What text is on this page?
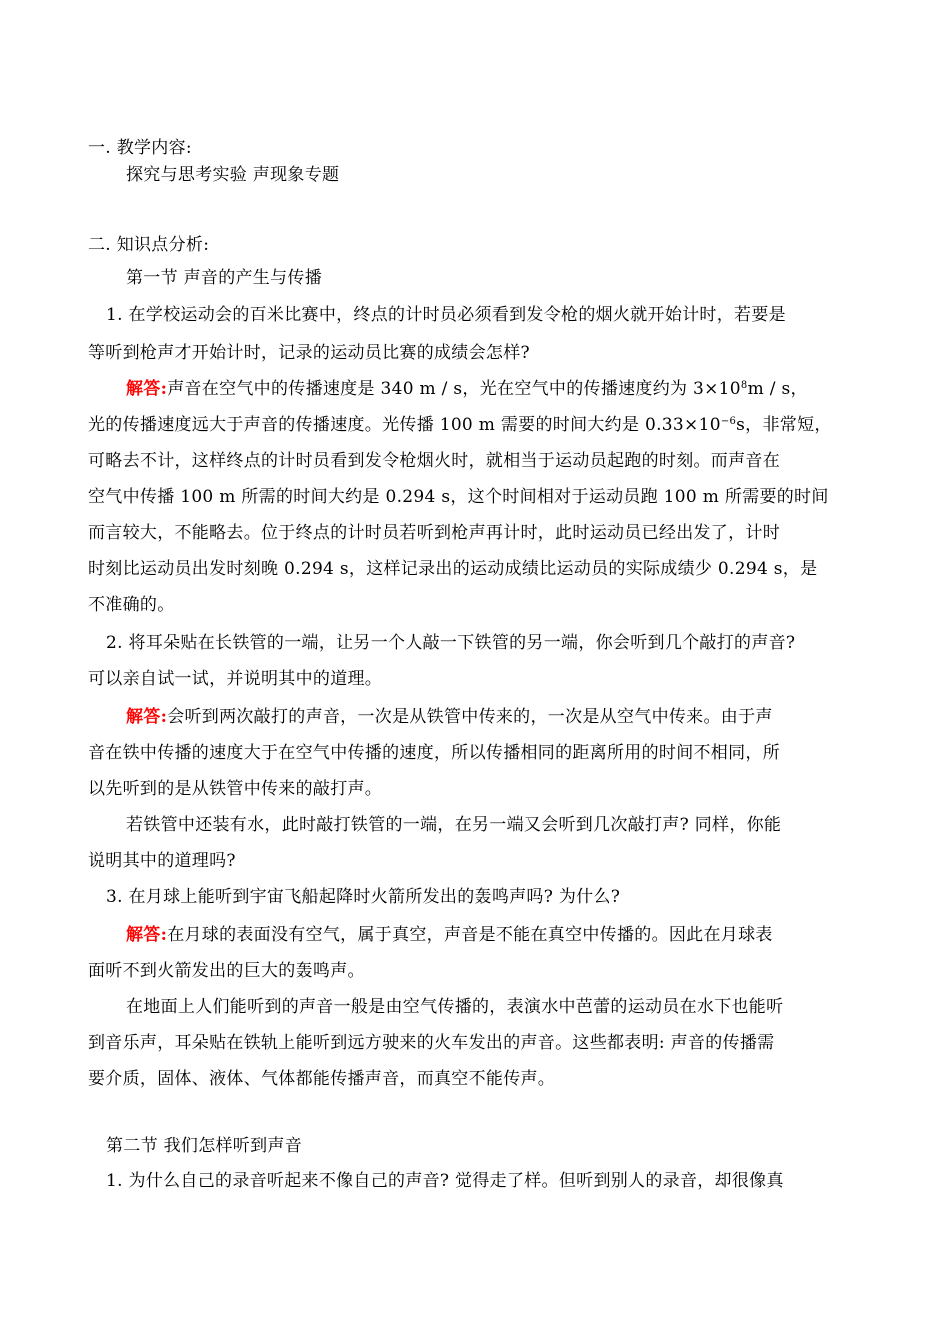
一. 教学内容:
探究与思考实验 声现象专题
二. 知识点分析:
第一节 声音的产生与传播
1. 在学校运动会的百米比赛中，终点的计时员必须看到发令枪的烟火就开始计时，若要是
等听到枪声才开始计时，记录的运动员比赛的成绩会怎样?
解答:声音在空气中的传播速度是 340 m / s，光在空气中的传播速度约为 $3\times 10^8m / s$，
光的传播速度远大于声音的传播速度。光传播 100 m 需要的时间大约是 $0.33\times 10^{-6}s$，非常短，
可略去不计，这样终点的计时员看到发令枪烟火时，就相当于运动员起跑的时刻。而声音在
空气中传播 100 m 所需的时间大约是 0.294 s，这个时间相对于运动员跑 100 m 所需要的时间
而言较大，不能略去。位于终点的计时员若听到枪声再计时，此时运动员已经出发了，计时
时刻比运动员出发时刻晚 0.294 s，这样记录出的运动成绩比运动员的实际成绩少 0.294 s，是
不准确的。
2. 将耳朵贴在长铁管的一端，让另一个人敲一下铁管的另一端，你会听到几个敲打的声音?
可以亲自试一试，并说明其中的道理。
解答:会听到两次敲打的声音，一次是从铁管中传来的，一次是从空气中传来。由于声
音在铁中传播的速度大于在空气中传播的速度，所以传播相同的距离所用的时间不相同，所
以先听到的是从铁管中传来的敲打声。
若铁管中还装有水，此时敲打铁管的一端，在另一端又会听到几次敲打声? 同样，你能
说明其中的道理吗?
3. 在月球上能听到宇宙飞船起降时火箭所发出的轰鸣声吗? 为什么?
解答:在月球的表面没有空气，属于真空，声音是不能在真空中传播的。因此在月球表
面听不到火箭发出的巨大的轰鸣声。
在地面上人们能听到的声音一般是由空气传播的，表演水中芭蕾的运动员在水下也能听
到音乐声，耳朵贴在铁轨上能听到远方驶来的火车发出的声音。这些都表明: 声音的传播需
要介质，固体、液体、气体都能传播声音，而真空不能传声。
第二节 我们怎样听到声音
1. 为什么自己的录音听起来不像自己的声音? 觉得走了样。但听到别人的录音，却很像真
